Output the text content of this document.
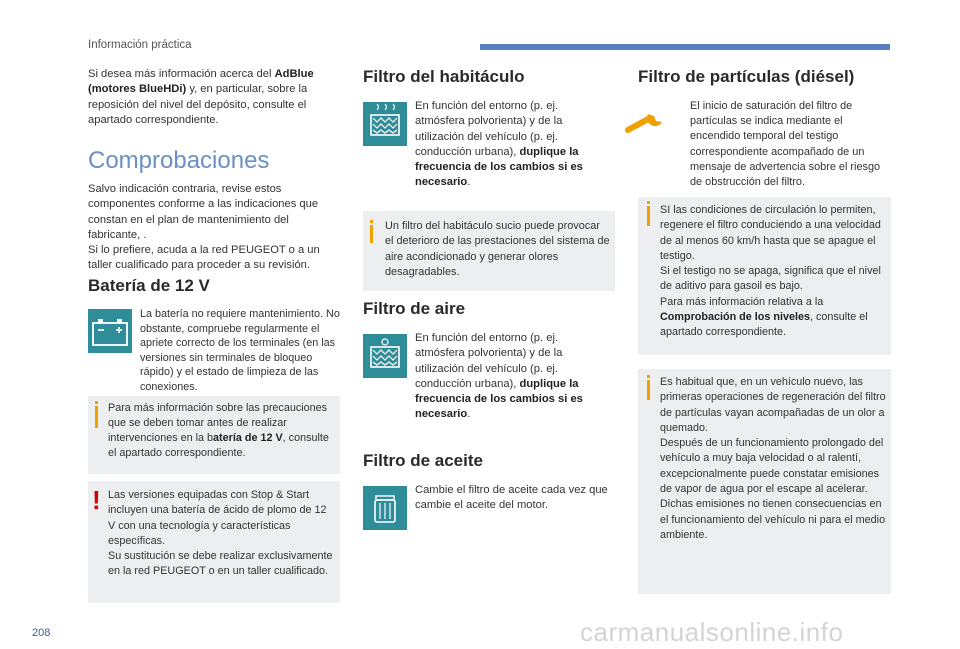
Información práctica
Si desea más información acerca del AdBlue (motores BlueHDi) y, en particular, sobre la reposición del nivel del depósito, consulte el apartado correspondiente.
Comprobaciones
Salvo indicación contraria, revise estos componentes conforme a las indicaciones que constan en el plan de mantenimiento del fabricante, .
Si lo prefiere, acuda a la red PEUGEOT o a un taller cualificado para proceder a su revisión.
Batería de 12 V
La batería no requiere mantenimiento. No obstante, compruebe regularmente el apriete correcto de los terminales (en las versiones sin terminales de bloqueo rápido) y el estado de limpieza de las conexiones.
Para más información sobre las precauciones que se deben tomar antes de realizar intervenciones en la batería de 12 V, consulte el apartado correspondiente.
! Las versiones equipadas con Stop & Start incluyen una batería de ácido de plomo de 12 V con una tecnología y características específicas.
Su sustitución se debe realizar exclusivamente en la red PEUGEOT o en un taller cualificado.
Filtro del habitáculo
En función del entorno (p. ej. atmósfera polvorienta) y de la utilización del vehículo (p. ej. conducción urbana), duplique la frecuencia de los cambios si es necesario.
Un filtro del habitáculo sucio puede provocar el deterioro de las prestaciones del sistema de aire acondicionado y generar olores desagradables.
Filtro de aire
En función del entorno (p. ej. atmósfera polvorienta) y de la utilización del vehículo (p. ej. conducción urbana), duplique la frecuencia de los cambios si es necesario.
Filtro de aceite
Cambie el filtro de aceite cada vez que cambie el aceite del motor.
Filtro de partículas (diésel)
El inicio de saturación del filtro de partículas se indica mediante el encendido temporal del testigo correspondiente acompañado de un mensaje de advertencia sobre el riesgo de obstrucción del filtro.
SI las condiciones de circulación lo permiten, regenere el filtro conduciendo a una velocidad de al menos 60 km/h hasta que se apague el testigo.
Si el testigo no se apaga, significa que el nivel de aditivo para gasoil es bajo.
Para más información relativa a la Comprobación de los niveles, consulte el apartado correspondiente.
Es habitual que, en un vehículo nuevo, las primeras operaciones de regeneración del filtro de partículas vayan acompañadas de un olor a quemado.
Después de un funcionamiento prolongado del vehículo a muy baja velocidad o al ralentí, excepcionalmente puede constatar emisiones de vapor de agua por el escape al acelerar. Dichas emisiones no tienen consecuencias en el funcionamiento del vehículo ni para el medio ambiente.
208	carmanualsonline.info
